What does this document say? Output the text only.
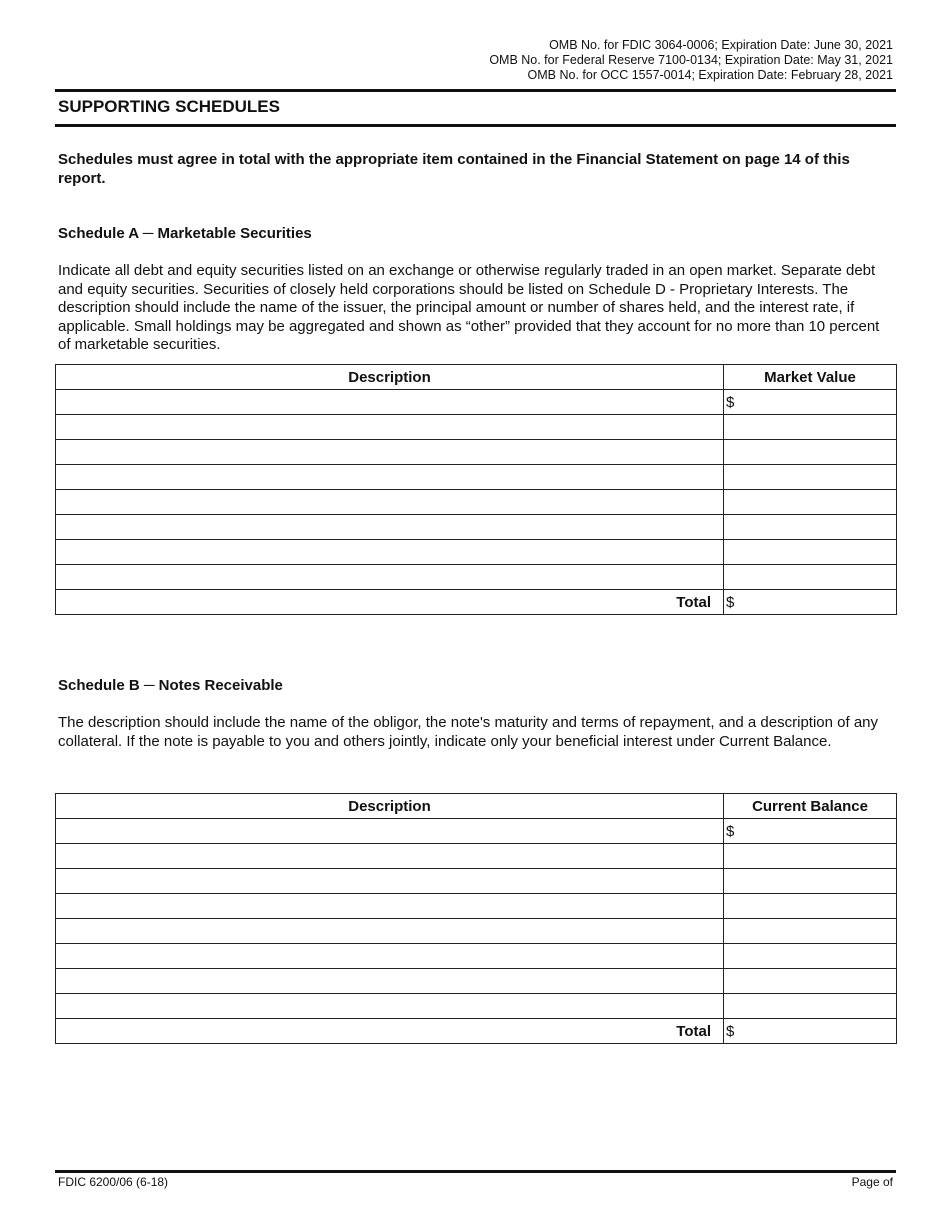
OMB No. for FDIC 3064-0006; Expiration Date: June 30, 2021
OMB No. for Federal Reserve 7100-0134; Expiration Date: May 31, 2021
OMB No. for OCC 1557-0014; Expiration Date: February 28, 2021
SUPPORTING SCHEDULES
Schedules must agree in total with the appropriate item contained in the Financial Statement on page 14 of this report.
Schedule A ─ Marketable Securities
Indicate all debt and equity securities listed on an exchange or otherwise regularly traded in an open market. Separate debt and equity securities. Securities of closely held corporations should be listed on Schedule D - Proprietary Interests. The description should include the name of the issuer, the principal amount or number of shares held, and the interest rate, if applicable. Small holdings may be aggregated and shown as “other” provided that they account for no more than 10 percent of marketable securities.
Description	Market Value
	$

Total	$
Schedule B ─ Notes Receivable
The description should include the name of the obligor, the note's maturity and terms of repayment, and a description of any collateral. If the note is payable to you and others jointly, indicate only your beneficial interest under Current Balance.
Description	Current Balance
	$

Total	$
FDIC 6200/06 (6-18)	Page of
